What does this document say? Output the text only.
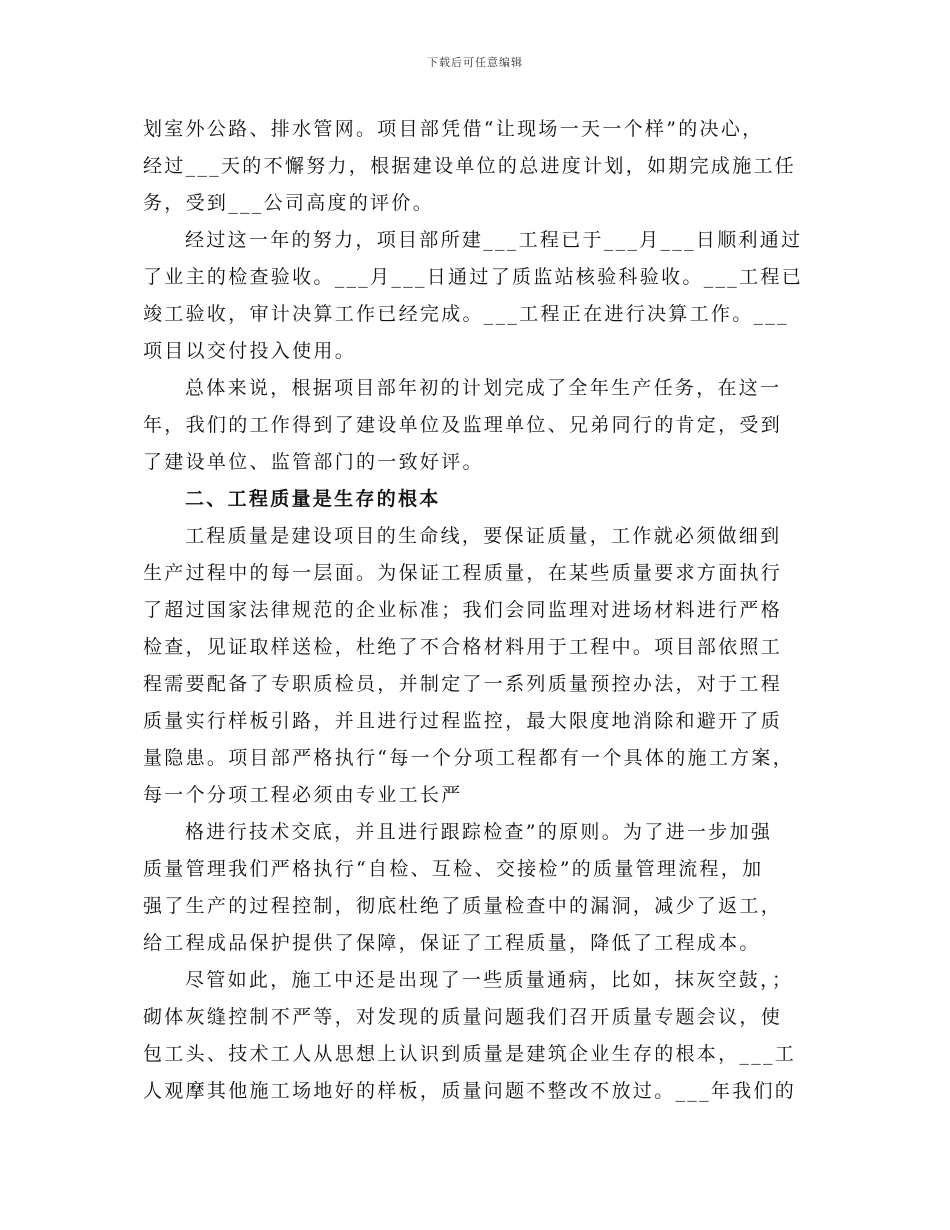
下载后可任意编辑
划室外公路、排水管网。项目部凭借“让现场一天一个样”的决心，
经过___天的不懈努力，根据建设单位的总进度计划，如期完成施工任
务，受到___公司高度的评价。
经过这一年的努力，项目部所建___工程已于___月___日顺利通过
了业主的检查验收。___月___日通过了质监站核验科验收。___工程已
竣工验收，审计决算工作已经完成。___工程正在进行决算工作。___
项目以交付投入使用。
总体来说，根据项目部年初的计划完成了全年生产任务，在这一
年，我们的工作得到了建设单位及监理单位、兄弟同行的肯定，受到
了建设单位、监管部门的一致好评。
二、工程质量是生存的根本
工程质量是建设项目的生命线，要保证质量，工作就必须做细到
生产过程中的每一层面。为保证工程质量，在某些质量要求方面执行
了超过国家法律规范的企业标准；我们会同监理对进场材料进行严格
检查，见证取样送检，杜绝了不合格材料用于工程中。项目部依照工
程需要配备了专职质检员，并制定了一系列质量预控办法，对于工程
质量实行样板引路，并且进行过程监控，最大限度地消除和避开了质
量隐患。项目部严格执行“每一个分项工程都有一个具体的施工方案，
每一个分项工程必须由专业工长严
格进行技术交底，并且进行跟踪检查”的原则。为了进一步加强
质量管理我们严格执行“自检、互检、交接检”的质量管理流程，加
强了生产的过程控制，彻底杜绝了质量检查中的漏洞，减少了返工，
给工程成品保护提供了保障，保证了工程质量，降低了工程成本。
尽管如此，施工中还是出现了一些质量通病，比如，抹灰空鼓，；
砌体灰缝控制不严等，对发现的质量问题我们召开质量专题会议，使
包工头、技术工人从思想上认识到质量是建筑企业生存的根本，___工
人观摩其他施工场地好的样板，质量问题不整改不放过。___年我们的
